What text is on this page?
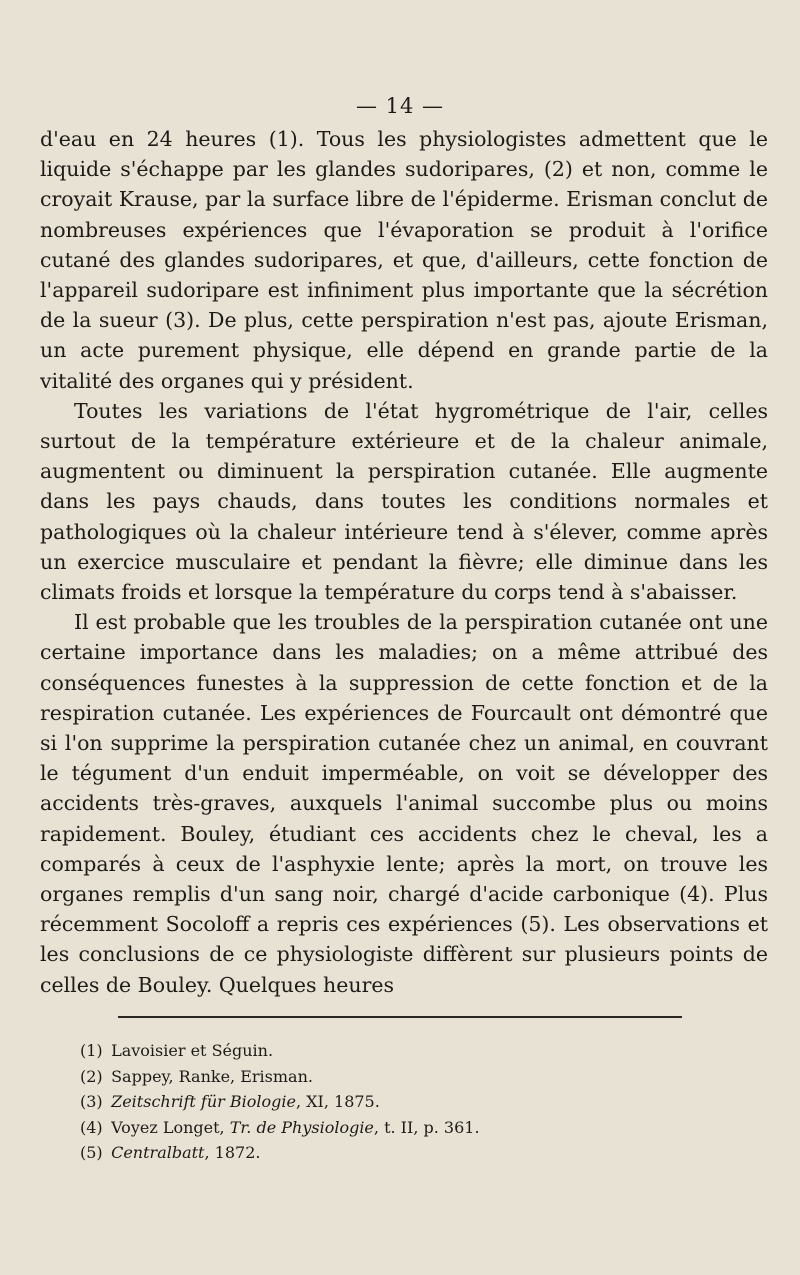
— 14 —

d'eau en 24 heures (1). Tous les physiologistes admettent que le liquide s'échappe par les glandes sudoripares, (2) et non, comme le croyait Krause, par la surface libre de l'épiderme. Erisman conclut de nombreuses expériences que l'évaporation se produit à l'orifice cutané des glandes sudoripares, et que, d'ailleurs, cette fonction de l'appareil sudoripare est infiniment plus importante que la sécrétion de la sueur (3). De plus, cette perspiration n'est pas, ajoute Erisman, un acte purement physique, elle dépend en grande partie de la vitalité des organes qui y président.

Toutes les variations de l'état hygrométrique de l'air, celles surtout de la température extérieure et de la chaleur animale, augmentent ou diminuent la perspiration cutanée. Elle augmente dans les pays chauds, dans toutes les conditions normales et pathologiques où la chaleur intérieure tend à s'élever, comme après un exercice musculaire et pendant la fièvre; elle diminue dans les climats froids et lorsque la température du corps tend à s'abaisser.

Il est probable que les troubles de la perspiration cutanée ont une certaine importance dans les maladies; on a même attribué des conséquences funestes à la suppression de cette fonction et de la respiration cutanée. Les expériences de Fourcault ont démontré que si l'on supprime la perspiration cutanée chez un animal, en couvrant le tégument d'un enduit imperméable, on voit se développer des accidents très-graves, auxquels l'animal succombe plus ou moins rapidement. Bouley, étudiant ces accidents chez le cheval, les a comparés à ceux de l'asphyxie lente; après la mort, on trouve les organes remplis d'un sang noir, chargé d'acide carbonique (4). Plus récemment Socoloff a repris ces expériences (5). Les observations et les conclusions de ce physiologiste diffèrent sur plusieurs points de celles de Bouley. Quelques heures

(1) Lavoisier et Séguin.
(2) Sappey, Ranke, Erisman.
(3) Zeitschrift für Biologie, XI, 1875.
(4) Voyez Longet, Tr. de Physiologie, t. II, p. 361.
(5) Centralbatt, 1872.
